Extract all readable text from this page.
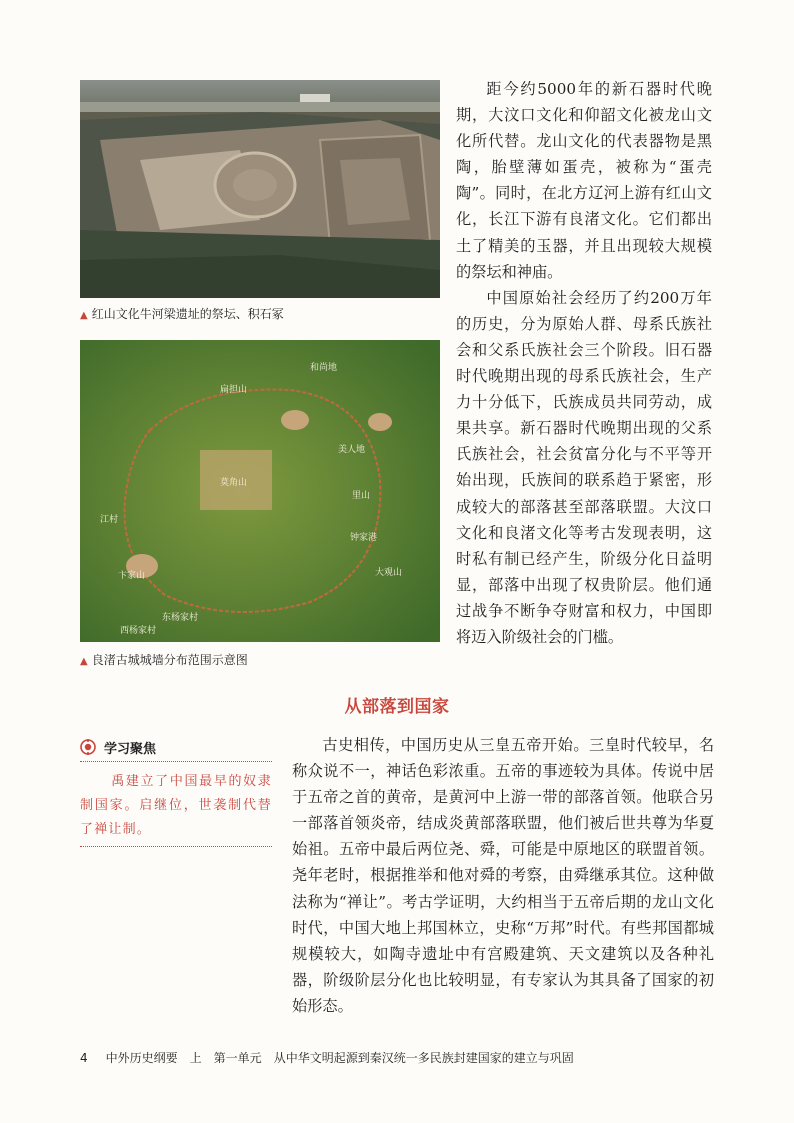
▲ 红山文化牛河梁遗址的祭坛、积石冢
扁担山
和尚地
美人地
里山
莫角山
卞家山
东杨家村
西杨家村
钟家港
江村
大观山
▲ 良渚古城城墙分布范围示意图

距今约5000年的新石器时代晚期，大汶口文化和仰韶文化被龙山文化所代替。龙山文化的代表器物是黑陶，胎壁薄如蛋壳，被称为“蛋壳陶”。同时，在北方辽河上游有红山文化，长江下游有良渚文化。它们都出土了精美的玉器，并且出现较大规模的祭坛和神庙。

中国原始社会经历了约200万年的历史，分为原始人群、母系氏族社会和父系氏族社会三个阶段。旧石器时代晚期出现的母系氏族社会，生产力十分低下，氏族成员共同劳动，成果共享。新石器时代晚期出现的父系氏族社会，社会贫富分化与不平等开始出现，氏族间的联系趋于紧密，形成较大的部落甚至部落联盟。大汶口文化和良渚文化等考古发现表明，这时私有制已经产生，阶级分化日益明显，部落中出现了权贵阶层。他们通过战争不断争夺财富和权力，中国即将迈入阶级社会的门槛。

从部落到国家
学习聚焦
禹建立了中国最早的奴隶制国家。启继位，世袭制代替了禅让制。

古史相传，中国历史从三皇五帝开始。三皇时代较早，名称众说不一，神话色彩浓重。五帝的事迹较为具体。传说中居于五帝之首的黄帝，是黄河中上游一带的部落首领。他联合另一部落首领炎帝，结成炎黄部落联盟，他们被后世共尊为华夏始祖。五帝中最后两位尧、舜，可能是中原地区的联盟首领。尧年老时，根据推举和他对舜的考察，由舜继承其位。这种做法称为“禅让”。考古学证明，大约相当于五帝后期的龙山文化时代，中国大地上邦国林立，史称“万邦”时代。有些邦国都城规模较大，如陶寺遗址中有宫殿建筑、天文建筑以及各种礼器，阶级阶层分化也比较明显，有专家认为其具备了国家的初始形态。

4 中外历史纲要 上 第一单元 从中华文明起源到秦汉统一多民族封建国家的建立与巩固
